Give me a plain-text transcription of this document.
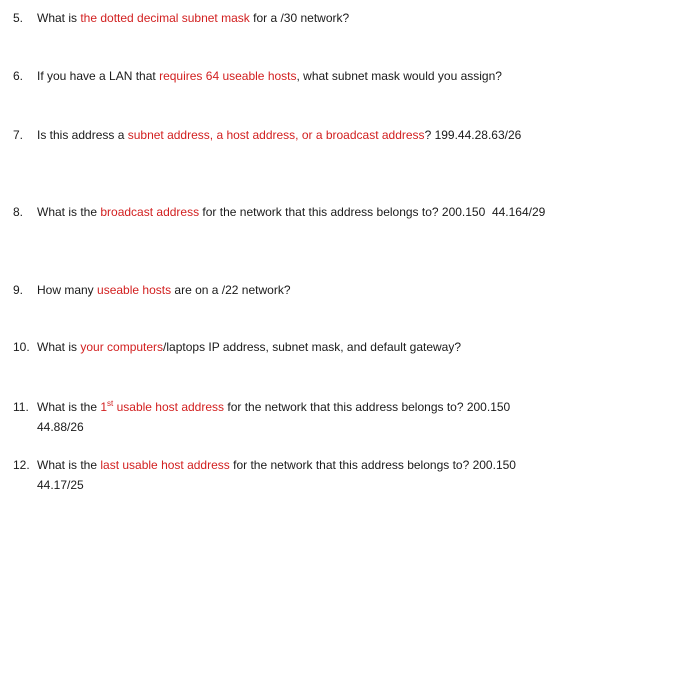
5. What is the dotted decimal subnet mask for a /30 network?
6. If you have a LAN that requires 64 useable hosts, what subnet mask would you assign?
7. Is this address a subnet address, a host address, or a broadcast address? 199.44.28.63/26
8. What is the broadcast address for the network that this address belongs to? 200.150  44.164/29
9. How many useable hosts are on a /22 network?
10. What is your computers/laptops IP address, subnet mask, and default gateway?
11. What is the 1st usable host address for the network that this address belongs to? 200.150
44.88/26
12. What is the last usable host address for the network that this address belongs to? 200.150
44.17/25
